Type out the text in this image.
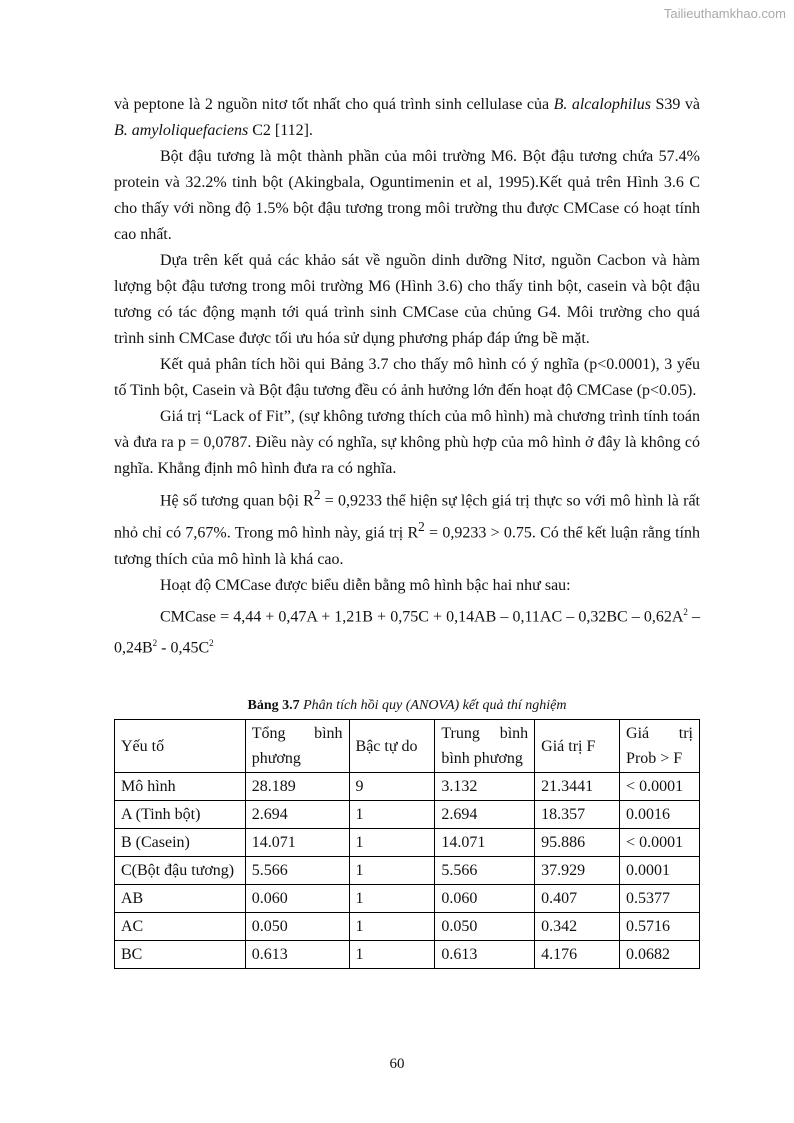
Tailieuthamkhao.com

và peptone là 2 nguồn nitơ tốt nhất cho quá trình sinh cellulase của B. alcalophilus S39 và B. amyloliquefaciens C2 [112].

Bột đậu tương là một thành phần của môi trường M6. Bột đậu tương chứa 57.4% protein và 32.2% tinh bột (Akingbala, Oguntimenin et al, 1995).Kết quả trên Hình 3.6 C cho thấy với nồng độ 1.5% bột đậu tương trong môi trường thu được CMCase có hoạt tính cao nhất.

Dựa trên kết quả các khảo sát về nguồn dinh dưỡng Nitơ, nguồn Cacbon và hàm lượng bột đậu tương trong môi trường M6 (Hình 3.6) cho thấy tinh bột, casein và bột đậu tương có tác động mạnh tới quá trình sinh CMCase của chủng G4. Môi trường cho quá trình sinh CMCase được tối ưu hóa sử dụng phương pháp đáp ứng bề mặt.

Kết quả phân tích hồi qui Bảng 3.7 cho thấy mô hình có ý nghĩa (p<0.0001), 3 yếu tố Tinh bột, Casein và Bột đậu tương đều có ảnh hưởng lớn đến hoạt độ CMCase (p<0.05).

Giá trị “Lack of Fit”, (sự không tương thích của mô hình) mà chương trình tính toán và đưa ra p = 0,0787. Điều này có nghĩa, sự không phù hợp của mô hình ở đây là không có nghĩa. Khẳng định mô hình đưa ra có nghĩa.

Hệ số tương quan bội $R^2 = 0,9233$ thể hiện sự lệch giá trị thực so với mô hình là rất nhỏ chỉ có 7,67%. Trong mô hình này, giá trị $R^2 = 0,9233 > 0.75$. Có thể kết luận rằng tính tương thích của mô hình là khá cao.

Hoạt độ CMCase được biểu diễn bằng mô hình bậc hai như sau:

CMCase = $4,44 + 0,47A + 1,21B + 0,75C + 0,14AB - 0,11AC - 0,32BC - 0,62A^2 - 0,24B^2 - 0,45C^2$

Bảng 3.7 Phân tích hồi quy (ANOVA) kết quả thí nghiệm
Yếu tố	Tổng bình phương	Bậc tự do	Trung bình bình phương	Giá trị F	Giá trị Prob > F
Mô hình	28.189	9	3.132	21.3441	< 0.0001
A (Tinh bột)	2.694	1	2.694	18.357	0.0016
B (Casein)	14.071	1	14.071	95.886	< 0.0001
C(Bột đậu tương)	5.566	1	5.566	37.929	0.0001
AB	0.060	1	0.060	0.407	0.5377
AC	0.050	1	0.050	0.342	0.5716
BC	0.613	1	0.613	4.176	0.0682
60
